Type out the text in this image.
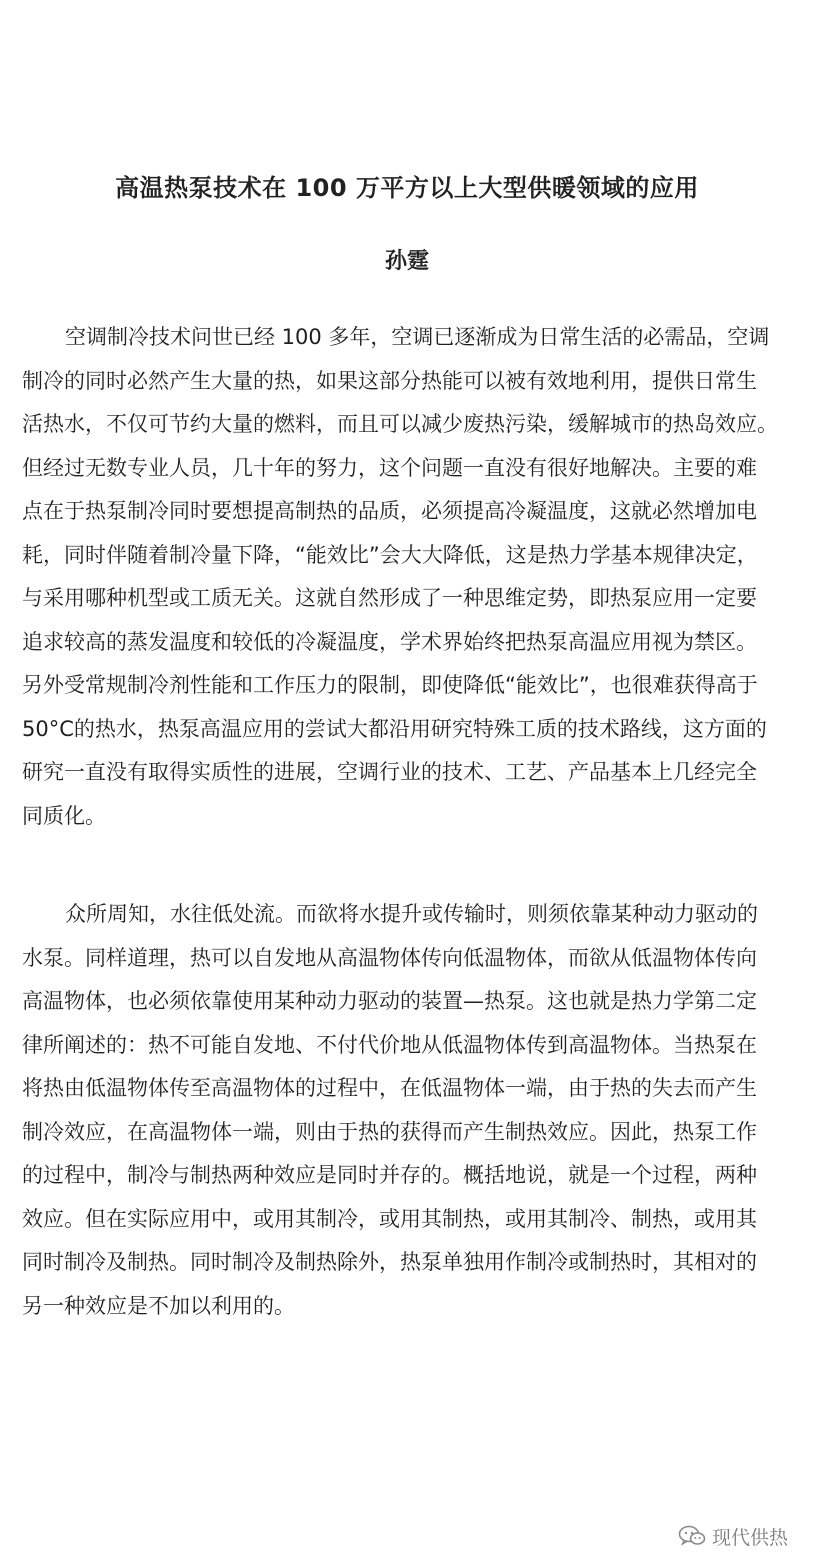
高温热泵技术在 100 万平方以上大型供暖领域的应用
孙霆

空调制冷技术问世已经 100 多年，空调已逐渐成为日常生活的必需品，空调
制冷的同时必然产生大量的热，如果这部分热能可以被有效地利用，提供日常生
活热水，不仅可节约大量的燃料，而且可以减少废热污染，缓解城市的热岛效应。
但经过无数专业人员，几十年的努力，这个问题一直没有很好地解决。主要的难
点在于热泵制冷同时要想提高制热的品质，必须提高冷凝温度，这就必然增加电
耗，同时伴随着制冷量下降，“能效比”会大大降低，这是热力学基本规律决定，
与采用哪种机型或工质无关。这就自然形成了一种思维定势，即热泵应用一定要
追求较高的蒸发温度和较低的冷凝温度，学术界始终把热泵高温应用视为禁区。
另外受常规制冷剂性能和工作压力的限制，即使降低“能效比”，也很难获得高于
50°C的热水，热泵高温应用的尝试大都沿用研究特殊工质的技术路线，这方面的
研究一直没有取得实质性的进展，空调行业的技术、工艺、产品基本上几经完全
同质化。

众所周知，水往低处流。而欲将水提升或传输时，则须依靠某种动力驱动的
水泵。同样道理，热可以自发地从高温物体传向低温物体，而欲从低温物体传向
高温物体，也必须依靠使用某种动力驱动的装置—热泵。这也就是热力学第二定
律所阐述的：热不可能自发地、不付代价地从低温物体传到高温物体。当热泵在
将热由低温物体传至高温物体的过程中，在低温物体一端，由于热的失去而产生
制冷效应，在高温物体一端，则由于热的获得而产生制热效应。因此，热泵工作
的过程中，制冷与制热两种效应是同时并存的。概括地说，就是一个过程，两种
效应。但在实际应用中，或用其制冷，或用其制热，或用其制冷、制热，或用其
同时制冷及制热。同时制冷及制热除外，热泵单独用作制冷或制热时，其相对的
另一种效应是不加以利用的。

现代供热
